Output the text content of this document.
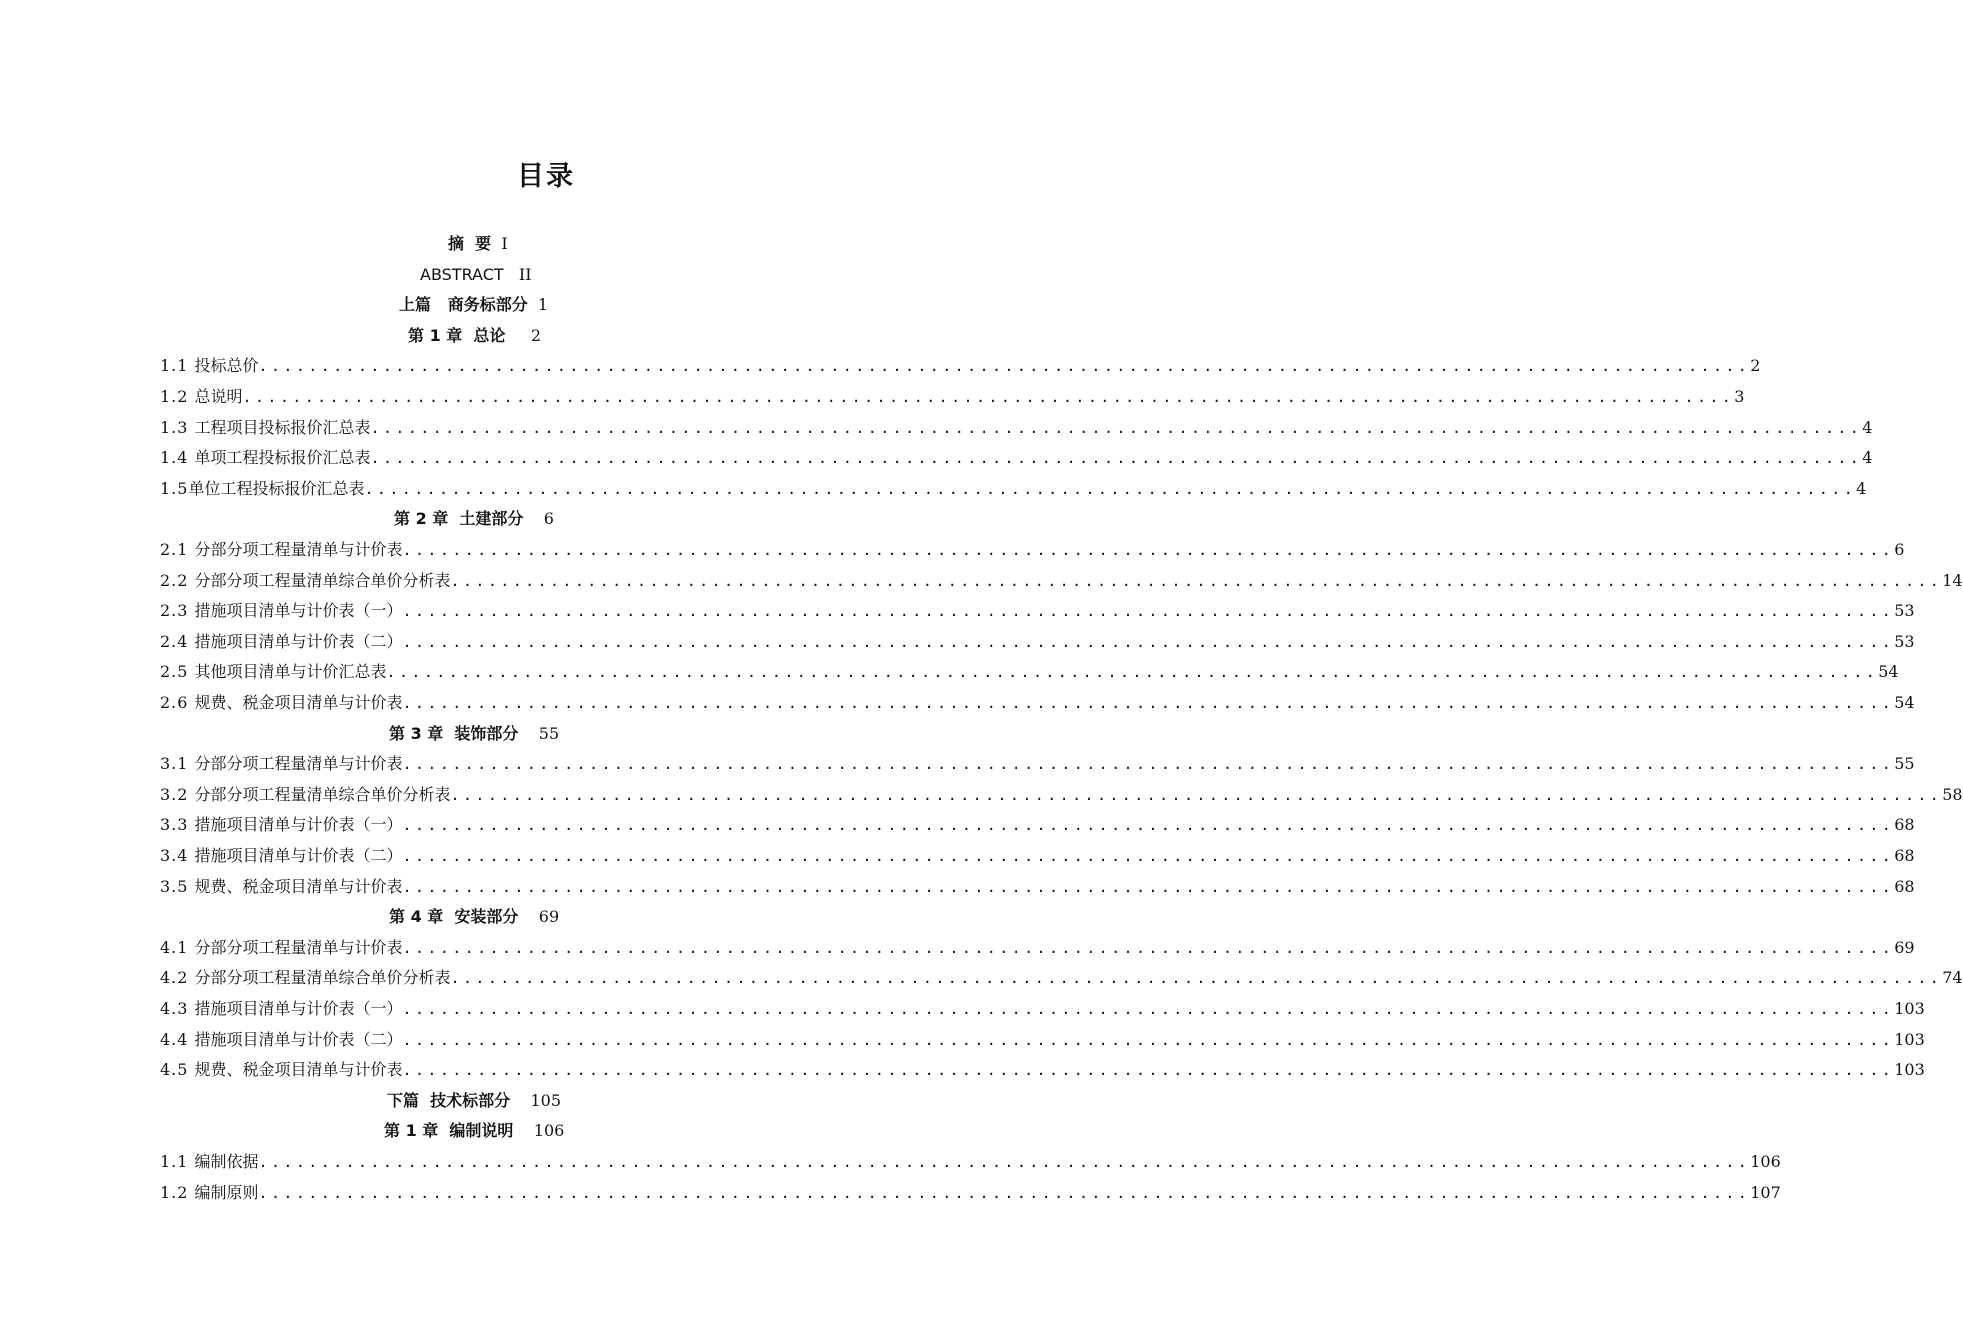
目录
摘  要 I
ABSTRACT II
上篇   商务标部分 1
第 1 章  总论 2
1.1 投标总价 ........................................................................................................................ 2
1.2 总说明 ........................................................................................................................ 3
1.3 工程项目投标报价汇总表 ........................................................................................................................ 4
1.4 单项工程投标报价汇总表 ........................................................................................................................ 4
1.5 单位工程投标报价汇总表 ........................................................................................................................ 4
第 2 章  土建部分 6
2.1 分部分项工程量清单与计价表 ........................................................................................................................ 6
2.2 分部分项工程量清单综合单价分析表 ........................................................................................................................ 14
2.3 措施项目清单与计价表（一） ........................................................................................................................ 53
2.4 措施项目清单与计价表（二） ........................................................................................................................ 53
2.5 其他项目清单与计价汇总表 ........................................................................................................................ 54
2.6 规费、税金项目清单与计价表 ........................................................................................................................ 54
第 3 章  装饰部分 55
3.1 分部分项工程量清单与计价表 ........................................................................................................................ 55
3.2 分部分项工程量清单综合单价分析表 ........................................................................................................................ 58
3.3 措施项目清单与计价表（一） ........................................................................................................................ 68
3.4 措施项目清单与计价表（二） ........................................................................................................................ 68
3.5 规费、税金项目清单与计价表 ........................................................................................................................ 68
第 4 章  安装部分 69
4.1 分部分项工程量清单与计价表 ........................................................................................................................ 69
4.2 分部分项工程量清单综合单价分析表 ........................................................................................................................ 74
4.3 措施项目清单与计价表（一） ........................................................................................................................ 103
4.4 措施项目清单与计价表（二） ........................................................................................................................ 103
4.5 规费、税金项目清单与计价表 ........................................................................................................................ 103
下篇  技术标部分 105
第 1 章  编制说明 106
1.1 编制依据 ........................................................................................................................ 106
1.2 编制原则 ........................................................................................................................ 107
